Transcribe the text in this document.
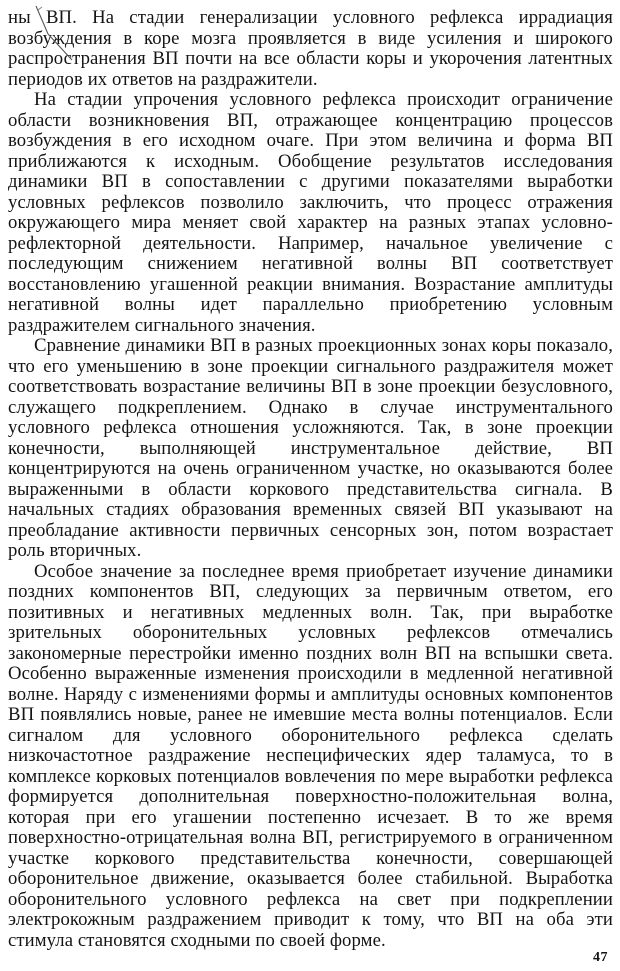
ны ВП. На стадии генерализации условного рефлекса иррадиация возбуждения в коре мозга проявляется в виде усиления и широкого распространения ВП почти на все области коры и укорочения латентных периодов их ответов на раздражители.

На стадии упрочения условного рефлекса происходит ограничение области возникновения ВП, отражающее концентрацию процессов возбуждения в его исходном очаге. При этом величина и форма ВП приближаются к исходным. Обобщение результатов исследования динамики ВП в сопоставлении с другими показателями выработки условных рефлексов позволило заключить, что процесс отражения окружающего мира меняет свой характер на разных этапах условно-рефлекторной деятельности. Например, начальное увеличение с последующим снижением негативной волны ВП соответствует восстановлению угашенной реакции внимания. Возрастание амплитуды негативной волны идет параллельно приобретению условным раздражителем сигнального значения.

Сравнение динамики ВП в разных проекционных зонах коры показало, что его уменьшению в зоне проекции сигнального раздражителя может соответствовать возрастание величины ВП в зоне проекции безусловного, служащего подкреплением. Однако в случае инструментального условного рефлекса отношения усложняются. Так, в зоне проекции конечности, выполняющей инструментальное действие, ВП концентрируются на очень ограниченном участке, но оказываются более выраженными в области коркового представительства сигнала. В начальных стадиях образования временных связей ВП указывают на преобладание активности первичных сенсорных зон, потом возрастает роль вторичных.

Особое значение за последнее время приобретает изучение динамики поздних компонентов ВП, следующих за первичным ответом, его позитивных и негативных медленных волн. Так, при выработке зрительных оборонительных условных рефлексов отмечались закономерные перестройки именно поздних волн ВП на вспышки света. Особенно выраженные изменения происходили в медленной негативной волне. Наряду с изменениями формы и амплитуды основных компонентов ВП появлялись новые, ранее не имевшие места волны потенциалов. Если сигналом для условного оборонительного рефлекса сделать низкочастотное раздражение неспецифических ядер таламуса, то в комплексе корковых потенциалов вовлечения по мере выработки рефлекса формируется дополнительная поверхностно-положительная волна, которая при его угашении постепенно исчезает. В то же время поверхностно-отрицательная волна ВП, регистрируемого в ограниченном участке коркового представительства конечности, совершающей оборонительное движение, оказывается более стабильной. Выработка оборонительного условного рефлекса на свет при подкреплении электрокожным раздражением приводит к тому, что ВП на оба эти стимула становятся сходными по своей форме.

47
